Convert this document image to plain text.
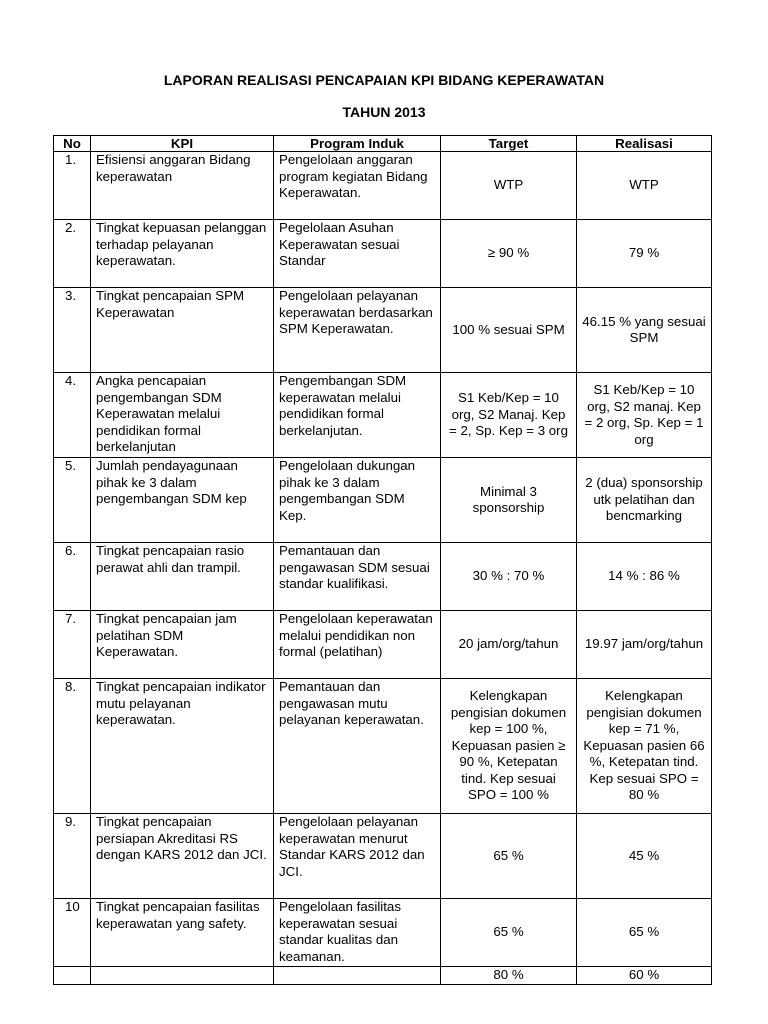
LAPORAN REALISASI PENCAPAIAN KPI BIDANG KEPERAWATAN
TAHUN 2013
No	KPI	Program Induk	Target	Realisasi
1.	Efisiensi anggaran Bidang keperawatan	Pengelolaan anggaran program kegiatan Bidang Keperawatan.	WTP	WTP
2.	Tingkat kepuasan pelanggan terhadap pelayanan keperawatan.	Pegelolaan Asuhan Keperawatan sesuai Standar	≥ 90 %	79 %
3.	Tingkat pencapaian SPM Keperawatan	Pengelolaan pelayanan keperawatan berdasarkan SPM Keperawatan.	100 % sesuai SPM	46.15 % yang sesuai SPM
4.	Angka pencapaian pengembangan SDM Keperawatan melalui pendidikan formal berkelanjutan	Pengembangan SDM keperawatan melalui pendidikan formal berkelanjutan.	S1 Keb/Kep = 10 org, S2 Manaj. Kep = 2, Sp. Kep = 3 org	S1 Keb/Kep = 10 org, S2 manaj. Kep = 2 org, Sp. Kep = 1 org
5.	Jumlah pendayagunaan pihak ke 3 dalam pengembangan SDM kep	Pengelolaan dukungan pihak ke 3 dalam pengembangan SDM Kep.	Minimal 3 sponsorship	2 (dua) sponsorship utk pelatihan dan bencmarking
6.	Tingkat pencapaian rasio perawat ahli dan trampil.	Pemantauan dan pengawasan SDM sesuai standar kualifikasi.	30 % : 70 %	14 % : 86 %
7.	Tingkat pencapaian jam pelatihan SDM Keperawatan.	Pengelolaan keperawatan melalui pendidikan non formal (pelatihan)	20 jam/org/tahun	19.97 jam/org/tahun
8.	Tingkat pencapaian indikator mutu pelayanan keperawatan.	Pemantauan dan pengawasan mutu pelayanan keperawatan.	Kelengkapan pengisian dokumen kep = 100 %, Kepuasan pasien ≥ 90 %, Ketepatan tind. Kep sesuai SPO = 100 %	Kelengkapan pengisian dokumen kep = 71 %, Kepuasan pasien 66 %, Ketepatan tind. Kep sesuai SPO = 80 %
9.	Tingkat pencapaian persiapan Akreditasi RS dengan KARS 2012 dan JCI.	Pengelolaan pelayanan keperawatan menurut Standar KARS 2012 dan JCI.	65 %	45 %
10	Tingkat pencapaian fasilitas keperawatan yang safety.	Pengelolaan fasilitas keperawatan sesuai standar kualitas dan keamanan.	65 %	65 %
			80 %	60 %
